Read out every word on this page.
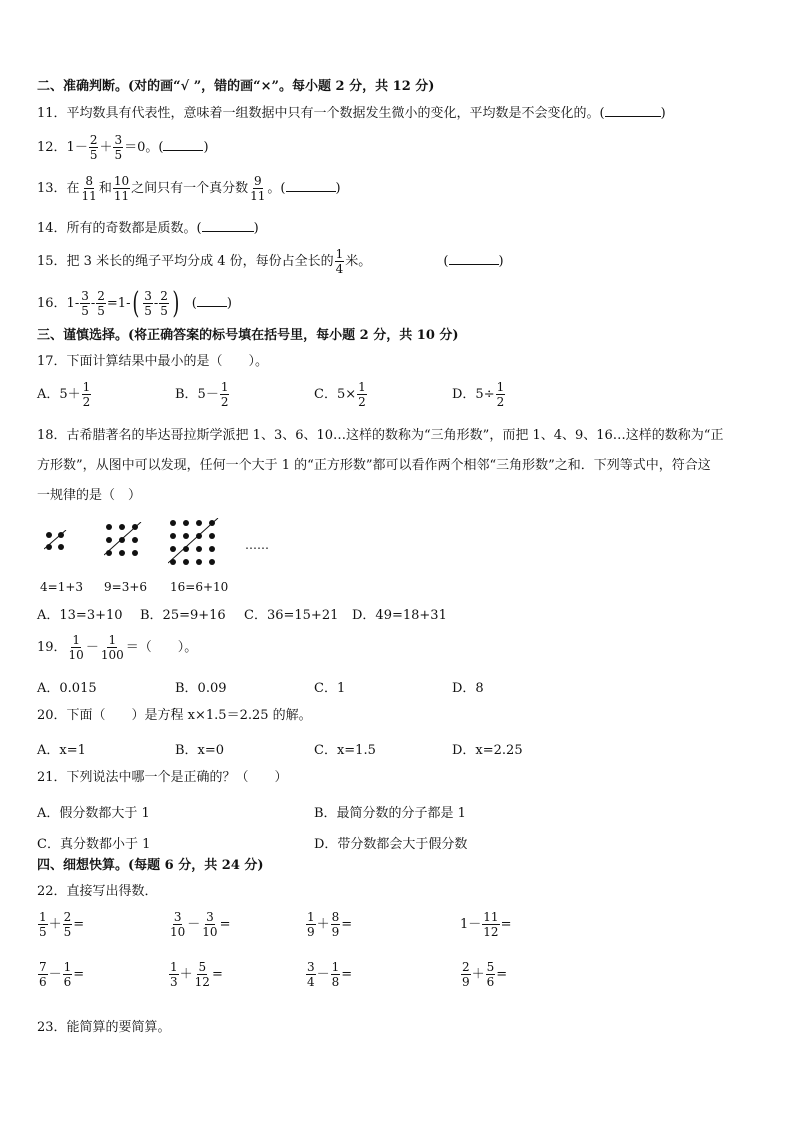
二、准确判断。(对的画“√ ”，错的画“×”。每小题 2 分，共 12 分)
11．平均数具有代表性，意味着一组数据中只有一个数据发生微小的变化，平均数是不会变化的。(	)
12．$1- \frac{2}{5} + \frac{3}{5} =0$。(	)
13．在 $\frac{8}{11}$ 和 $\frac{10}{11}$ 之间只有一个真分数 $\frac{9}{11}$ 。(	)
14．所有的奇数都是质数。(	)
15．把 3 米长的绳子平均分成 4 份，每份占全长的 $\frac{1}{4}$ 米。	(	)
16．$1- \frac{3}{5} - \frac{2}{5} =1-( \frac{3}{5} - \frac{2}{5}$ ) ( )
三、谨慎选择。(将正确答案的标号填在括号里，每小题 2 分，共 10 分)
17．下面计算结果中最小的是（　　）。
A．$5+ \frac{1}{2}$	B．$5- \frac{1}{2}$	C．$5\times \frac{1}{2}$	D．$5\div \frac{1}{2}$
18．古希腊著名的毕达哥拉斯学派把 1、3、6、10…这样的数称为“三角形数”，而把 1、4、9、16…这样的数称为“正
方形数”，从图中可以发现，任何一个大于 1 的“正方形数”都可以看作两个相邻“三角形数”之和．下列等式中，符合这
一规律的是（　）
……
4=1+3 9=3+6 16=6+10
A．13=3+10 B．25=9+16 C．36=15+21 D．49=18+31
19． $\frac{1}{10} - \frac{1}{100}$ ＝（　　）。
A．0.015	B．0.09	C．1	D．8
20．下面（　　）是方程 x×1.5＝2.25 的解。
A．x=1	B．x=0	C．x=1.5	D．x=2.25
21．下列说法中哪一个是正确的？（　　）
A．假分数都大于 1	B．最简分数的分子都是 1
C．真分数都小于 1	D．带分数都会大于假分数
四、细想快算。(每题 6 分，共 24 分)
22．直接写出得数．
$\frac{1}{5} + \frac{2}{5}$ =	$\frac{3}{10} - \frac{3}{10}$ =	$\frac{1}{9} + \frac{8}{9}$ =	$1- \frac{11}{12}$ =
$\frac{7}{6} - \frac{1}{6}$ =	$\frac{1}{3} + \frac{5}{12}$ =	$\frac{3}{4} - \frac{1}{8}$ =	$\frac{2}{9} + \frac{5}{6}$ =
23．能简算的要简算。
